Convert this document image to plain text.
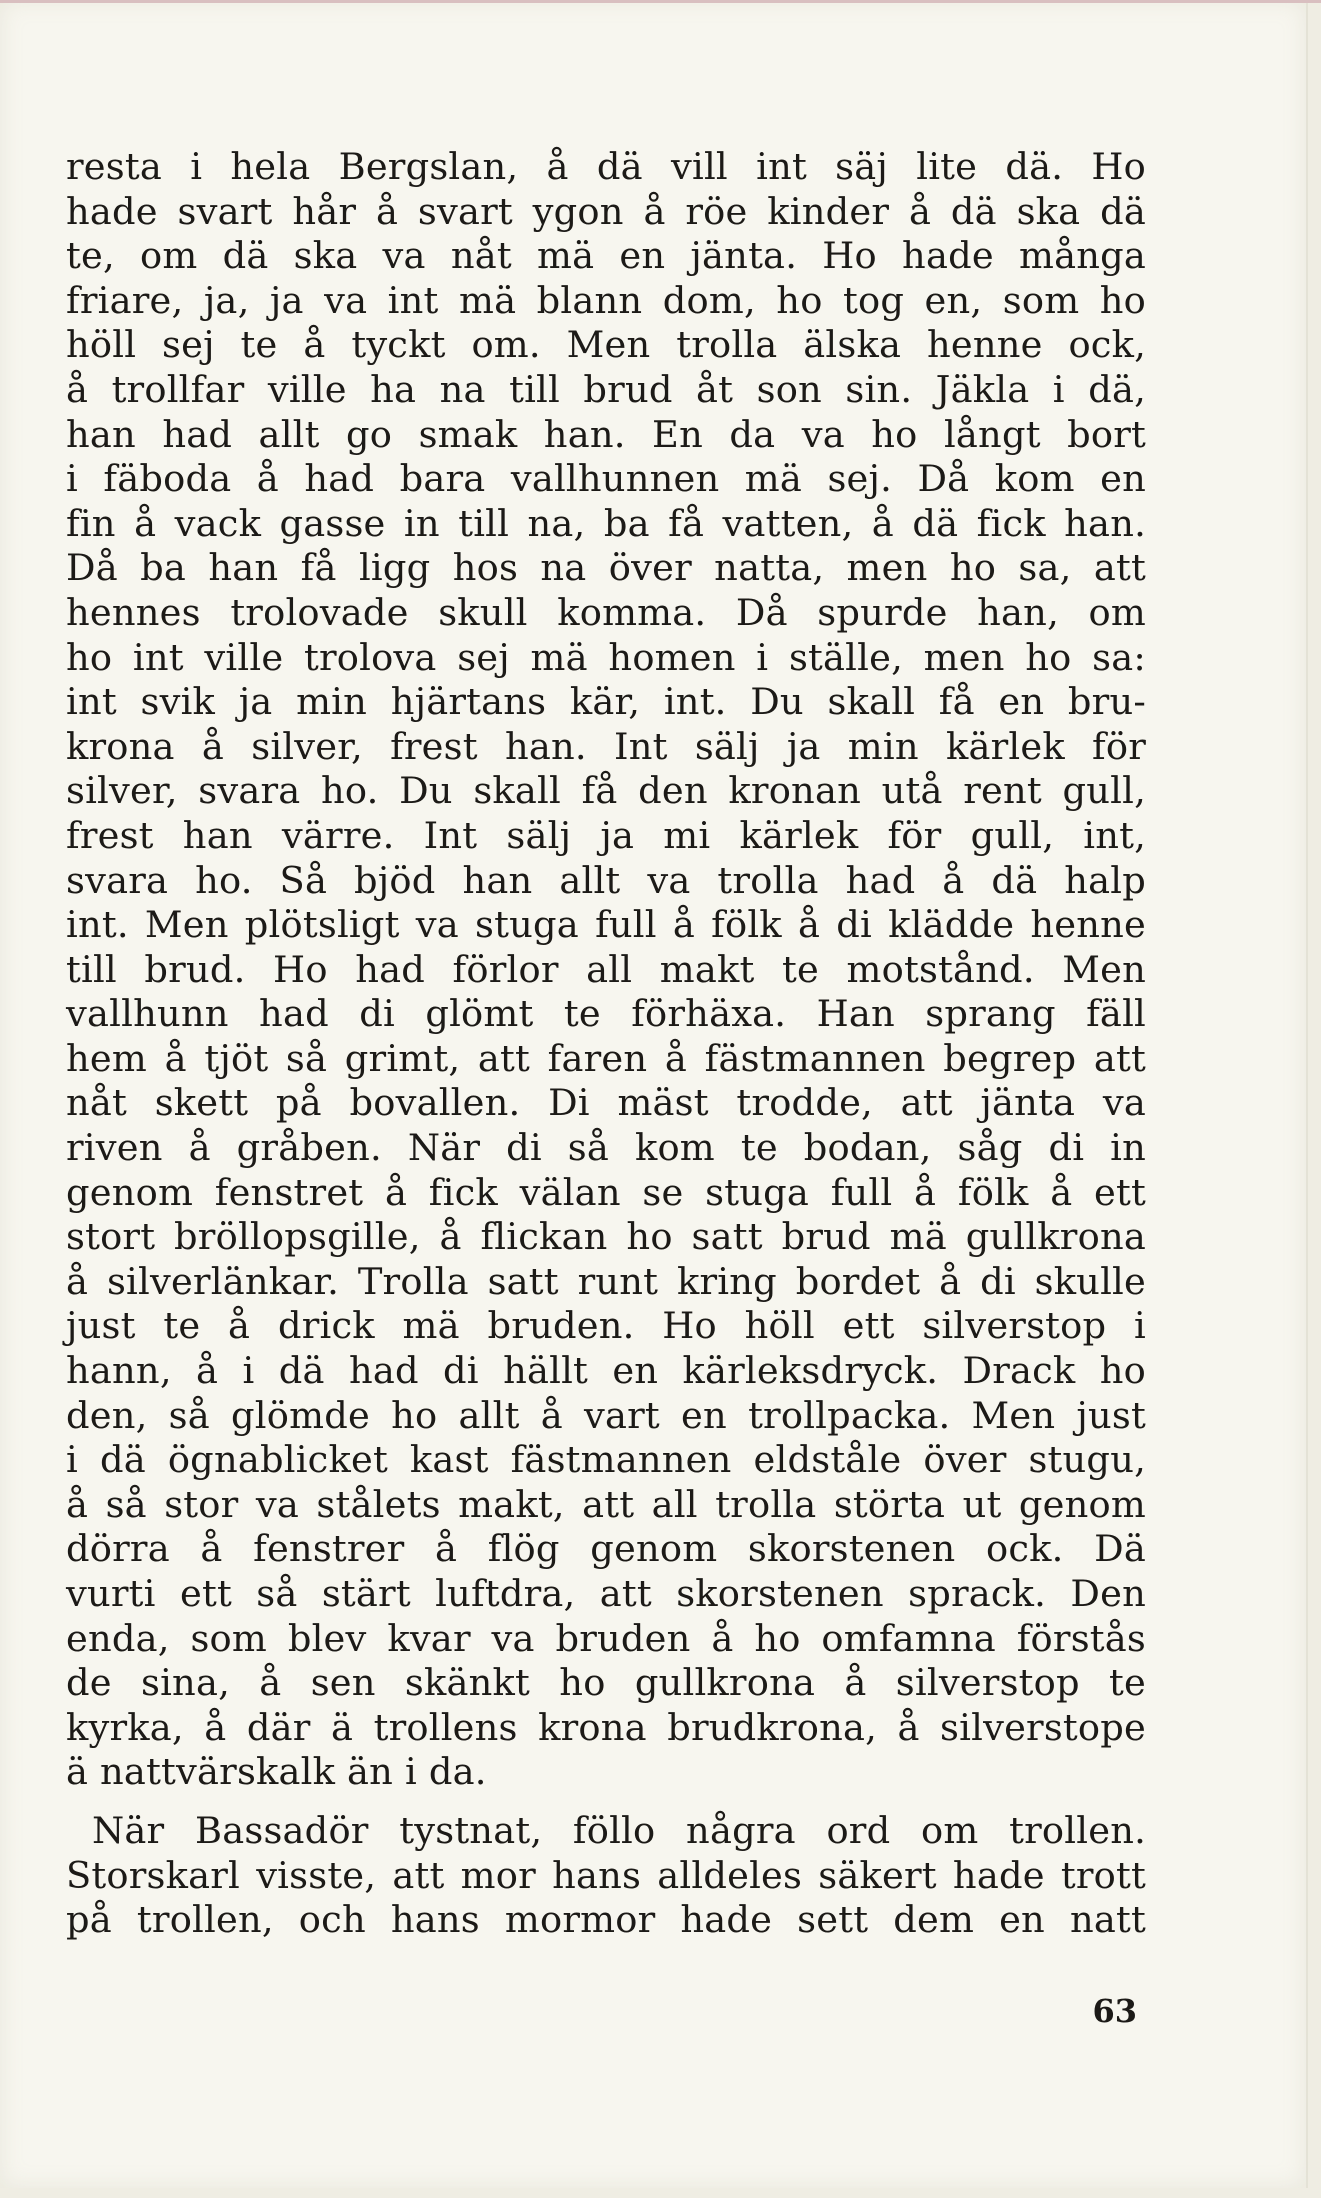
resta i hela Bergslan, å dä vill int säj lite dä. Ho
hade svart hår å svart ygon å röe kinder å dä ska dä
te, om dä ska va nåt mä en jänta. Ho hade många
friare, ja, ja va int mä blann dom, ho tog en, som ho
höll sej te å tyckt om. Men trolla älska henne ock,
å trollfar ville ha na till brud åt son sin. Jäkla i dä,
han had allt go smak han. En da va ho långt bort
i fäboda å had bara vallhunnen mä sej. Då kom en
fin å vack gasse in till na, ba få vatten, å dä fick han.
Då ba han få ligg hos na över natta, men ho sa, att
hennes trolovade skull komma. Då spurde han, om
ho int ville trolova sej mä homen i ställe, men ho sa:
int svik ja min hjärtans kär, int. Du skall få en bru-
krona å silver, frest han. Int sälj ja min kärlek för
silver, svara ho. Du skall få den kronan utå rent gull,
frest han värre. Int sälj ja mi kärlek för gull, int,
svara ho. Så bjöd han allt va trolla had å dä halp
int. Men plötsligt va stuga full å fölk å di klädde henne
till brud. Ho had förlor all makt te motstånd. Men
vallhunn had di glömt te förhäxa. Han sprang fäll
hem å tjöt så grimt, att faren å fästmannen begrep att
nåt skett på bovallen. Di mäst trodde, att jänta va
riven å gråben. När di så kom te bodan, såg di in
genom fenstret å fick välan se stuga full å fölk å ett
stort bröllopsgille, å flickan ho satt brud mä gullkrona
å silverlänkar. Trolla satt runt kring bordet å di skulle
just te å drick mä bruden. Ho höll ett silverstop i
hann, å i dä had di hällt en kärleksdryck. Drack ho
den, så glömde ho allt å vart en trollpacka. Men just
i dä ögnablicket kast fästmannen eldståle över stugu,
å så stor va stålets makt, att all trolla störta ut genom
dörra å fenstrer å flög genom skorstenen ock. Dä
vurti ett så stärt luftdra, att skorstenen sprack. Den
enda, som blev kvar va bruden å ho omfamna förstås
de sina, å sen skänkt ho gullkrona å silverstop te
kyrka, å där ä trollens krona brudkrona, å silverstope
ä nattvärskalk än i da.
När Bassadör tystnat, föllo några ord om trollen.
Storskarl visste, att mor hans alldeles säkert hade trott
på trollen, och hans mormor hade sett dem en natt
63
